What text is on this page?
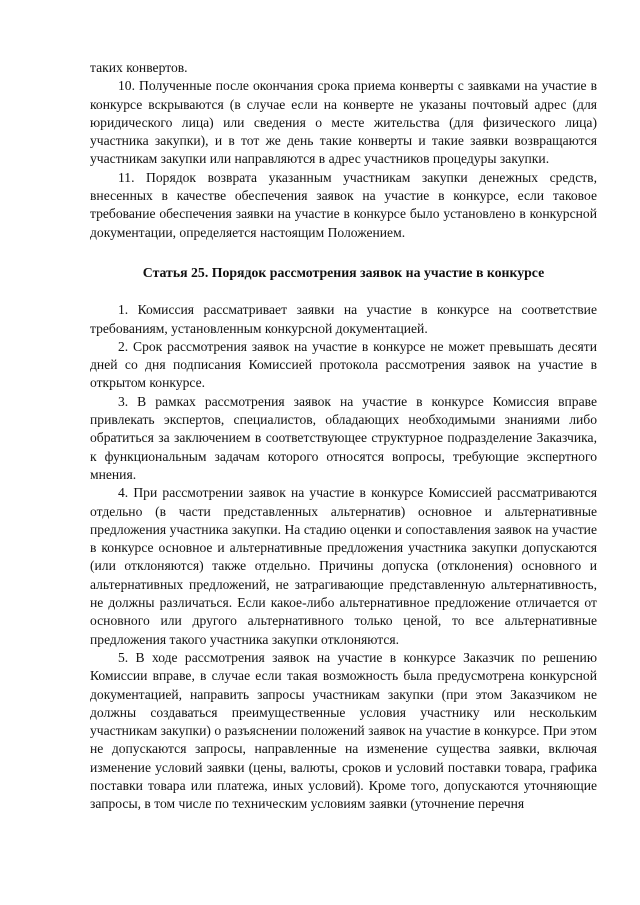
таких конвертов.

10. Полученные после окончания срока приема конверты с заявками на участие в конкурсе вскрываются (в случае если на конверте не указаны почтовый адрес (для юридического лица) или сведения о месте жительства (для физического лица) участника закупки), и в тот же день такие конверты и такие заявки возвращаются участникам закупки или направляются в адрес участников процедуры закупки.

11. Порядок возврата указанным участникам закупки денежных средств, внесенных в качестве обеспечения заявок на участие в конкурсе, если таковое требование обеспечения заявки на участие в конкурсе было установлено в конкурсной документации, определяется настоящим Положением.

Статья 25. Порядок рассмотрения заявок на участие в конкурсе

1. Комиссия рассматривает заявки на участие в конкурсе на соответствие требованиям, установленным конкурсной документацией.

2. Срок рассмотрения заявок на участие в конкурсе не может превышать десяти дней со дня подписания Комиссией протокола рассмотрения заявок на участие в открытом конкурсе.

3. В рамках рассмотрения заявок на участие в конкурсе Комиссия вправе привлекать экспертов, специалистов, обладающих необходимыми знаниями либо обратиться за заключением в соответствующее структурное подразделение Заказчика, к функциональным задачам которого относятся вопросы, требующие экспертного мнения.

4. При рассмотрении заявок на участие в конкурсе Комиссией рассматриваются отдельно (в части представленных альтернатив) основное и альтернативные предложения участника закупки. На стадию оценки и сопоставления заявок на участие в конкурсе основное и альтернативные предложения участника закупки допускаются (или отклоняются) также отдельно. Причины допуска (отклонения) основного и альтернативных предложений, не затрагивающие представленную альтернативность, не должны различаться. Если какое-либо альтернативное предложение отличается от основного или другого альтернативного только ценой, то все альтернативные предложения такого участника закупки отклоняются.

5. В ходе рассмотрения заявок на участие в конкурсе Заказчик по решению Комиссии вправе, в случае если такая возможность была предусмотрена конкурсной документацией, направить запросы участникам закупки (при этом Заказчиком не должны создаваться преимущественные условия участнику или нескольким участникам закупки) о разъяснении положений заявок на участие в конкурсе. При этом не допускаются запросы, направленные на изменение существа заявки, включая изменение условий заявки (цены, валюты, сроков и условий поставки товара, графика поставки товара или платежа, иных условий). Кроме того, допускаются уточняющие запросы, в том числе по техническим условиям заявки (уточнение перечня
